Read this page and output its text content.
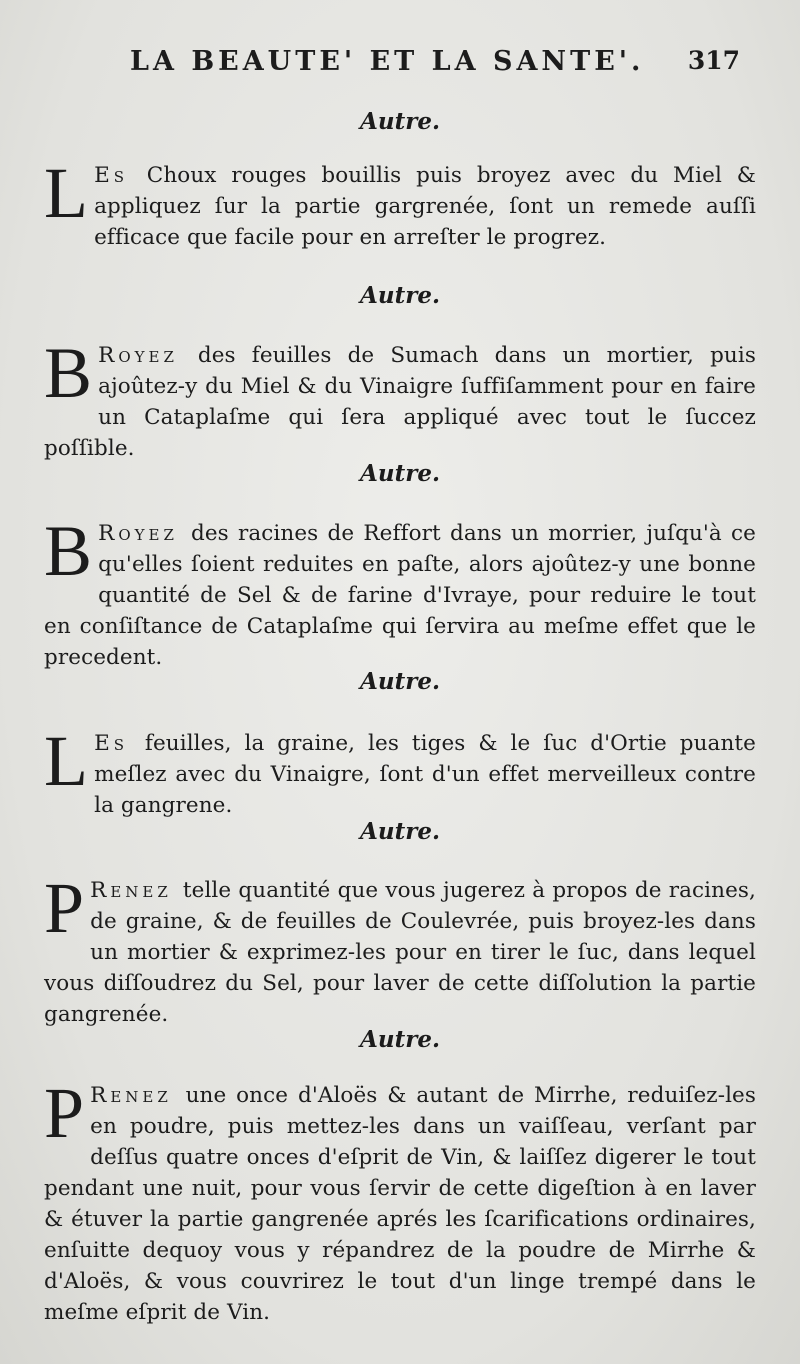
LA BEAUTE' ET LA SANTE'. 317
Autre.
L Es Choux rouges bouillis puis broyez avec du Miel & appliquez ſur la partie gargrenée, ſont un remede auſſi efficace que facile pour en arreſter le progrez.
Autre.
B Royez des feuilles de Sumach dans un mortier, puis ajoûtez-y du Miel & du Vinaigre ſuffiſamment pour en faire un Cataplaſme qui ſera appliqué avec tout le ſuccez poſſible.
Autre.
B Royez des racines de Reffort dans un morrier, juſqu'à ce qu'elles ſoient reduites en paſte, alors ajoûtez-y une bonne quantité de Sel & de farine d'Ivraye, pour reduire le tout en conſiſtance de Cataplaſme qui ſervira au meſme effet que le precedent.
Autre.
L Es feuilles, la graine, les tiges & le ſuc d'Ortie puante meſlez avec du Vinaigre, ſont d'un effet merveilleux contre la gangrene.
Autre.
P Renez telle quantité que vous jugerez à propos de racines, de graine, & de feuilles de Coulevrée, puis broyez-les dans un mortier & exprimez-les pour en tirer le ſuc, dans lequel vous diſſoudrez du Sel, pour laver de cette diſſolution la partie gangrenée.
Autre.
P Renez une once d'Aloës & autant de Mirrhe, reduiſez-les en poudre, puis mettez-les dans un vaiſſeau, verſant par deſſus quatre onces d'eſprit de Vin, & laiſſez digerer le tout pendant une nuit, pour vous ſervir de cette digeſtion à en laver & étuver la partie gangrenée aprés les ſcarifications ordinaires, enſuitte dequoy vous y répandrez de la poudre de Mirrhe & d'Aloës, & vous couvrirez le tout d'un linge trempé dans le meſme eſprit de Vin.
